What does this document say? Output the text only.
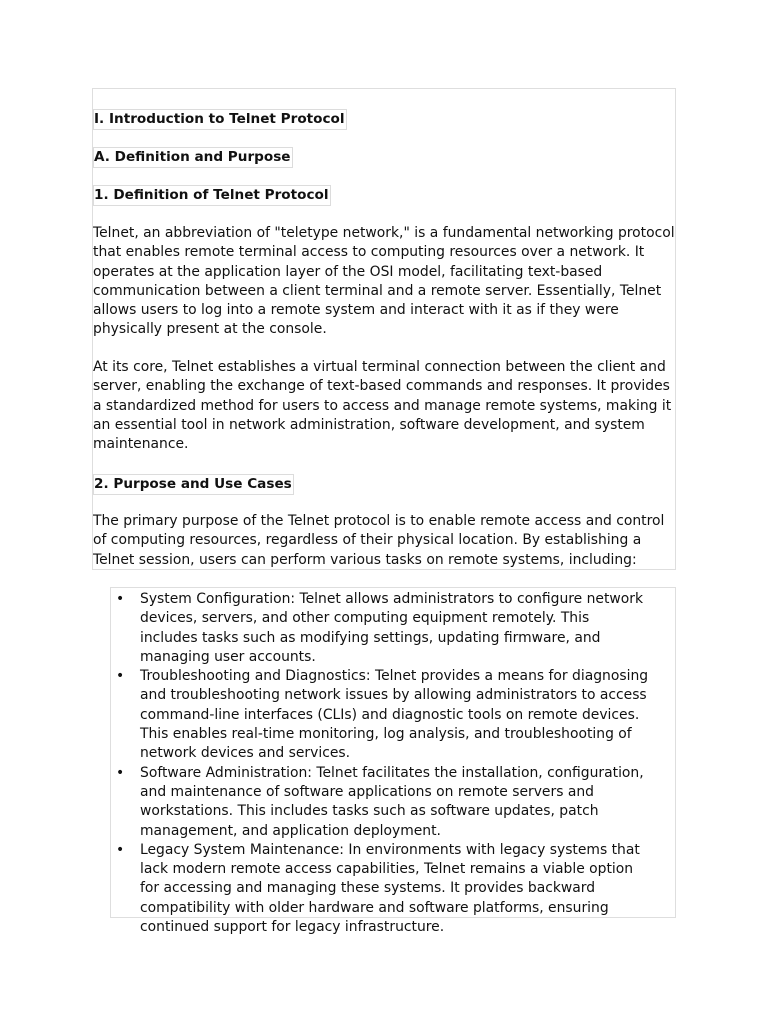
I. Introduction to Telnet Protocol
A. Definition and Purpose
1. Definition of Telnet Protocol

Telnet, an abbreviation of "teletype network," is a fundamental networking protocol that enables remote terminal access to computing resources over a network. It operates at the application layer of the OSI model, facilitating text-based communication between a client terminal and a remote server. Essentially, Telnet allows users to log into a remote system and interact with it as if they were physically present at the console.

At its core, Telnet establishes a virtual terminal connection between the client and server, enabling the exchange of text-based commands and responses. It provides a standardized method for users to access and manage remote systems, making it an essential tool in network administration, software development, and system maintenance.

2. Purpose and Use Cases

The primary purpose of the Telnet protocol is to enable remote access and control of computing resources, regardless of their physical location. By establishing a Telnet session, users can perform various tasks on remote systems, including:

• System Configuration: Telnet allows administrators to configure network devices, servers, and other computing equipment remotely. This includes tasks such as modifying settings, updating firmware, and managing user accounts.
• Troubleshooting and Diagnostics: Telnet provides a means for diagnosing and troubleshooting network issues by allowing administrators to access command-line interfaces (CLIs) and diagnostic tools on remote devices. This enables real-time monitoring, log analysis, and troubleshooting of network devices and services.
• Software Administration: Telnet facilitates the installation, configuration, and maintenance of software applications on remote servers and workstations. This includes tasks such as software updates, patch management, and application deployment.
• Legacy System Maintenance: In environments with legacy systems that lack modern remote access capabilities, Telnet remains a viable option for accessing and managing these systems. It provides backward compatibility with older hardware and software platforms, ensuring continued support for legacy infrastructure.
